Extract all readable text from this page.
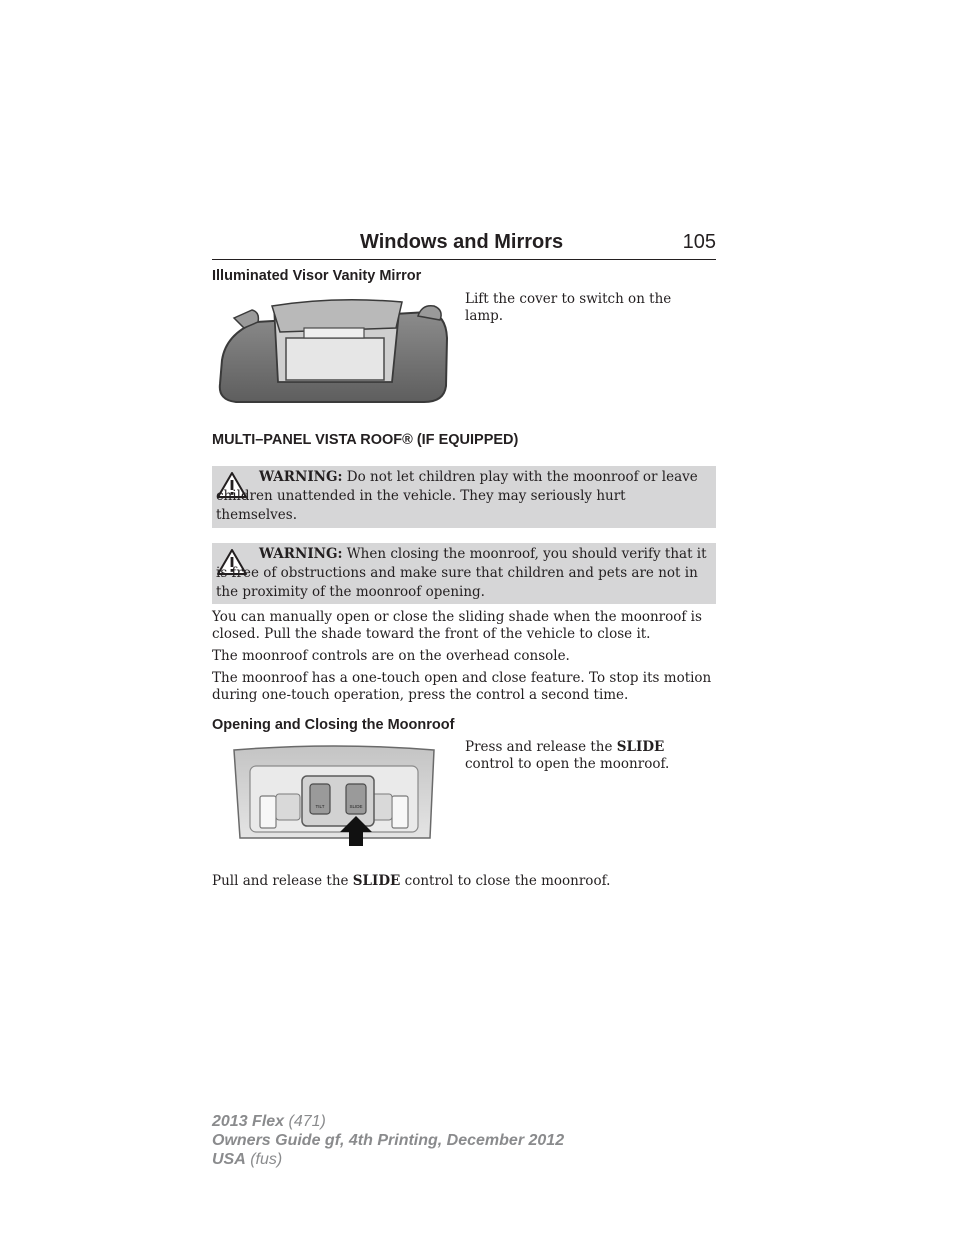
Windows and Mirrors	105
Illuminated Visor Vanity Mirror
Lift the cover to switch on the lamp.
MULTI–PANEL VISTA ROOF® (IF EQUIPPED)
WARNING: Do not let children play with the moonroof or leave children unattended in the vehicle. They may seriously hurt themselves.
WARNING: When closing the moonroof, you should verify that it is free of obstructions and make sure that children and pets are not in the proximity of the moonroof opening.
You can manually open or close the sliding shade when the moonroof is closed. Pull the shade toward the front of the vehicle to close it.
The moonroof controls are on the overhead console.
The moonroof has a one-touch open and close feature. To stop its motion during one-touch operation, press the control a second time.
Opening and Closing the Moonroof
TILT	SLIDE
Press and release the SLIDE control to open the moonroof.
Pull and release the SLIDE control to close the moonroof.
2013 Flex (471)
Owners Guide gf, 4th Printing, December 2012
USA (fus)
